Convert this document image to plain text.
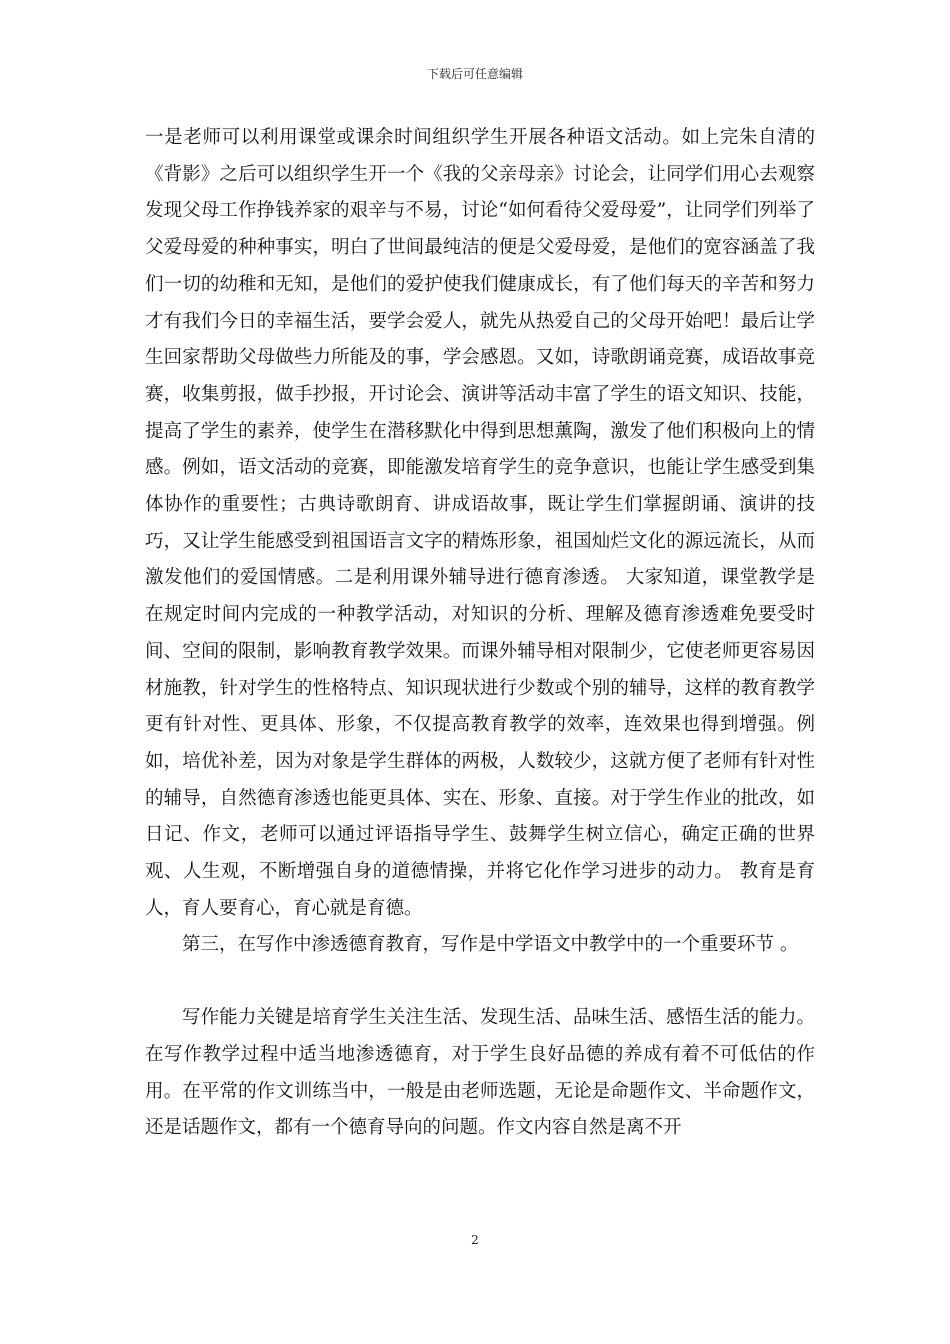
下载后可任意编辑

一是老师可以利用课堂或课余时间组织学生开展各种语文活动。如上完朱自清的《背影》之后可以组织学生开一个《我的父亲母亲》讨论会，让同学们用心去观察发现父母工作挣钱养家的艰辛与不易，讨论“如何看待父爱母爱”，让同学们列举了父爱母爱的种种事实，明白了世间最纯洁的便是父爱母爱，是他们的宽容涵盖了我们一切的幼稚和无知，是他们的爱护使我们健康成长，有了他们每天的辛苦和努力才有我们今日的幸福生活，要学会爱人，就先从热爱自己的父母开始吧！最后让学生回家帮助父母做些力所能及的事，学会感恩。又如，诗歌朗诵竞赛，成语故事竞赛，收集剪报，做手抄报，开讨论会、演讲等活动丰富了学生的语文知识、技能，提高了学生的素养，使学生在潜移默化中得到思想薰陶，激发了他们积极向上的情感。例如，语文活动的竞赛，即能激发培育学生的竞争意识，也能让学生感受到集体协作的重要性；古典诗歌朗育、讲成语故事，既让学生们掌握朗诵、演讲的技巧，又让学生能感受到祖国语言文字的精炼形象，祖国灿烂文化的源远流长，从而激发他们的爱国情感。二是利用课外辅导进行德育渗透。 大家知道，课堂教学是在规定时间内完成的一种教学活动，对知识的分析、理解及德育渗透难免要受时间、空间的限制，影响教育教学效果。而课外辅导相对限制少，它使老师更容易因材施教，针对学生的性格特点、知识现状进行少数或个别的辅导，这样的教育教学更有针对性、更具体、形象，不仅提高教育教学的效率，连效果也得到增强。例如，培优补差，因为对象是学生群体的两极，人数较少，这就方便了老师有针对性的辅导，自然德育渗透也能更具体、实在、形象、直接。对于学生作业的批改，如日记、作文，老师可以通过评语指导学生、鼓舞学生树立信心，确定正确的世界观、人生观，不断增强自身的道德情操，并将它化作学习进步的动力。 教育是育人，育人要育心，育心就是育德。

第三，在写作中渗透德育教育，写作是中学语文中教学中的一个重要环节 。

写作能力关键是培育学生关注生活、发现生活、品味生活、感悟生活的能力。在写作教学过程中适当地渗透德育，对于学生良好品德的养成有着不可低估的作用。在平常的作文训练当中，一般是由老师选题，无论是命题作文、半命题作文，还是话题作文，都有一个德育导向的问题。作文内容自然是离不开

2
